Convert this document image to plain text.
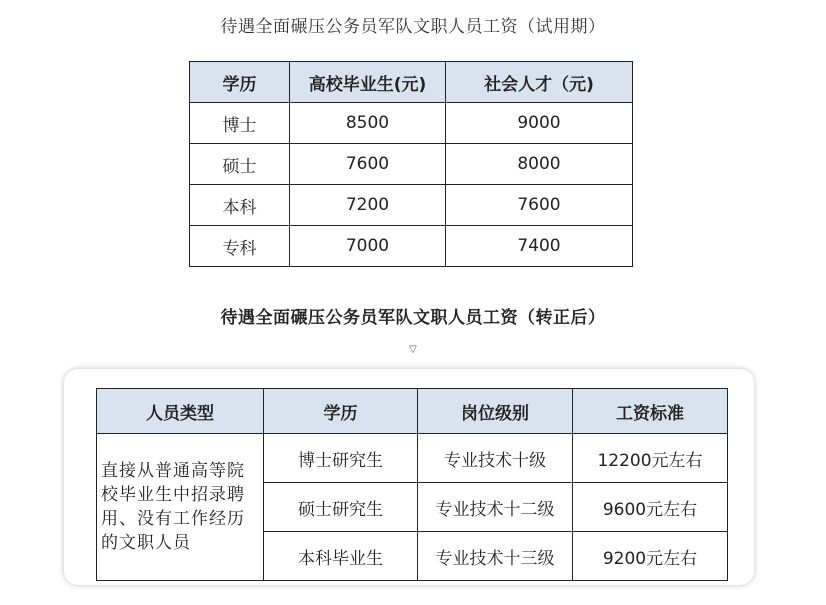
待遇全面碾压公务员军队文职人员工资（试用期）
学历	高校毕业生(元)	社会人才（元)
博士	8500	9000
硕士	7600	8000
本科	7200	7600
专科	7000	7400
待遇全面碾压公务员军队文职人员工资（转正后）
▽
人员类型	学历	岗位级别	工资标准
直接从普通高等院校毕业生中招录聘用、没有工作经历的文职人员	博士研究生	专业技术十级	12200元左右
	硕士研究生	专业技术十二级	9600元左右
	本科毕业生	专业技术十三级	9200元左右
